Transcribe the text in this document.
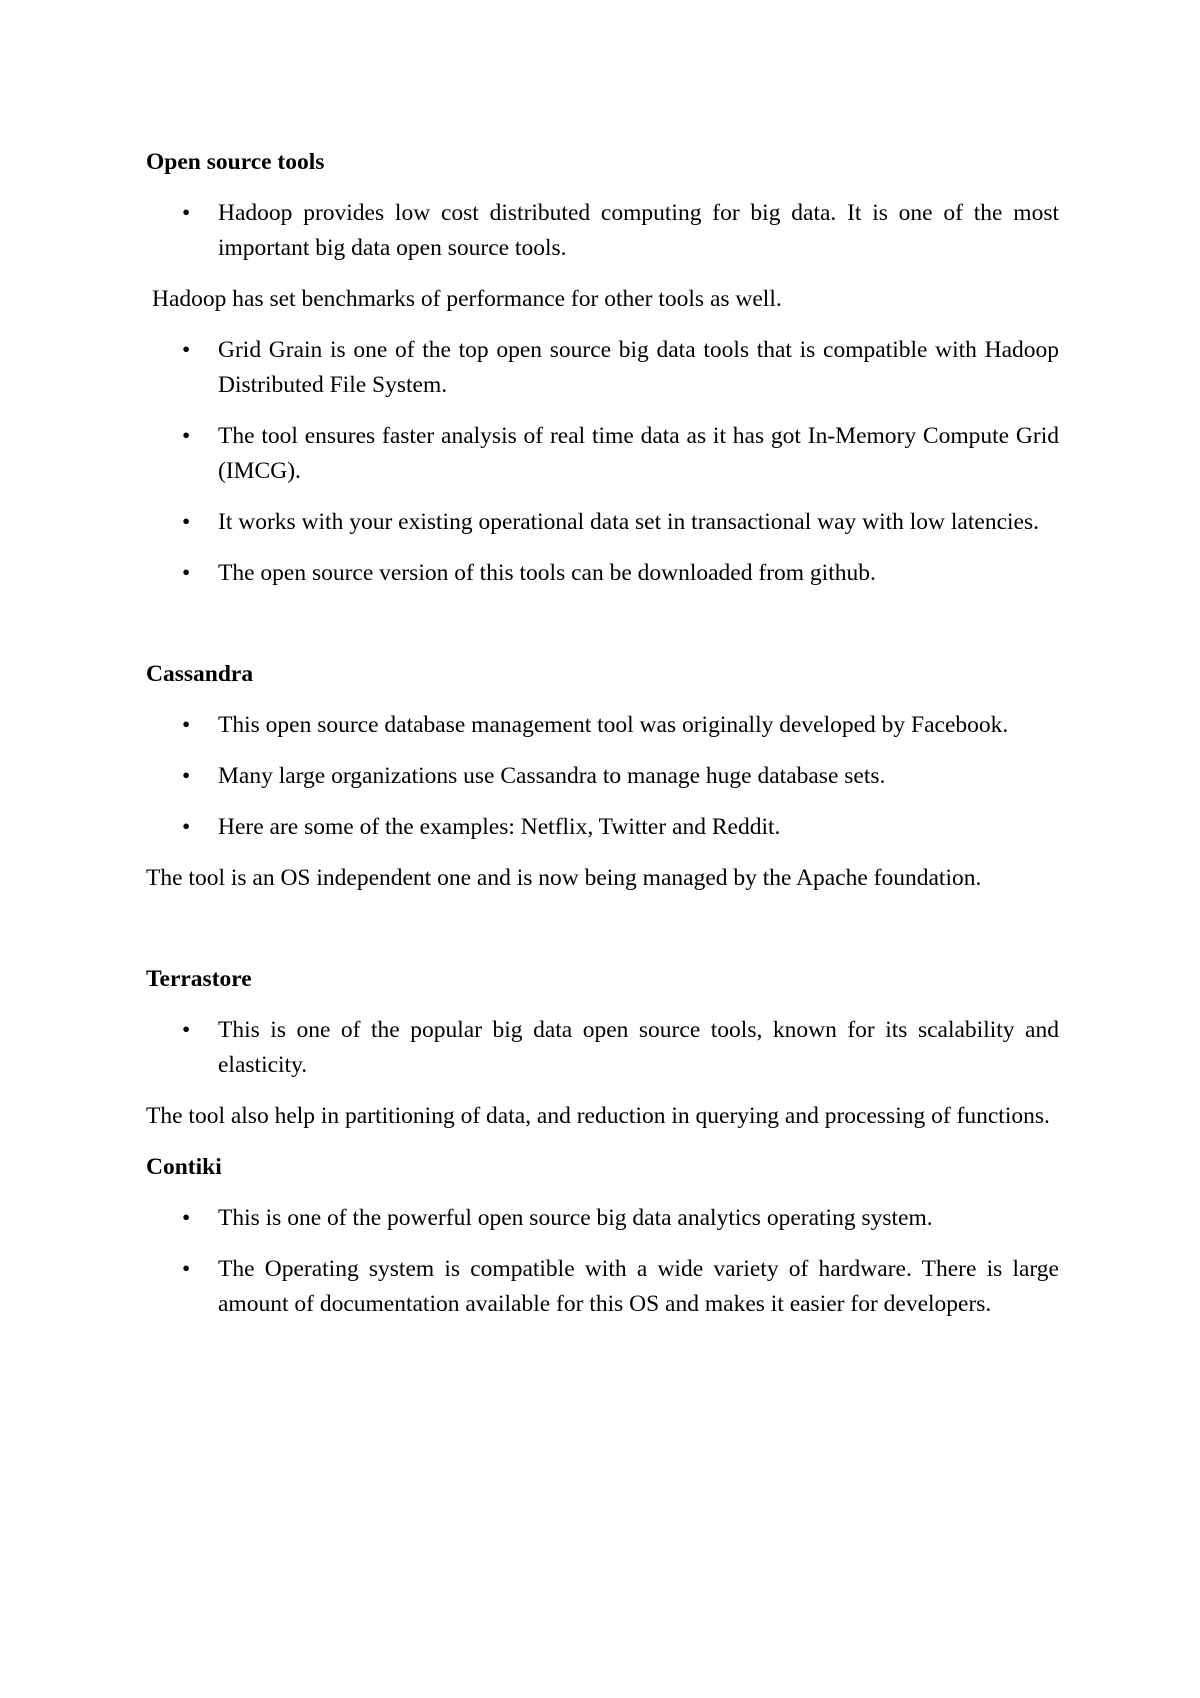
Open source tools
•	Hadoop provides low cost distributed computing for big data. It is one of the most important big data open source tools.

Hadoop has set benchmarks of performance for other tools as well.

•	Grid Grain is one of the top open source big data tools that is compatible with Hadoop Distributed File System.
•	The tool ensures faster analysis of real time data as it has got In-Memory Compute Grid (IMCG).
•	It works with your existing operational data set in transactional way with low latencies.
•	The open source version of this tools can be downloaded from github.
Cassandra
•	This open source database management tool was originally developed by Facebook.
•	Many large organizations use Cassandra to manage huge database sets.
•	Here are some of the examples: Netflix, Twitter and Reddit.

The tool is an OS independent one and is now being managed by the Apache foundation.

Terrastore
•	This is one of the popular big data open source tools, known for its scalability and elasticity.

The tool also help in partitioning of data, and reduction in querying and processing of functions.

Contiki
•	This is one of the powerful open source big data analytics operating system.
•	The Operating system is compatible with a wide variety of hardware. There is large amount of documentation available for this OS and makes it easier for developers.
